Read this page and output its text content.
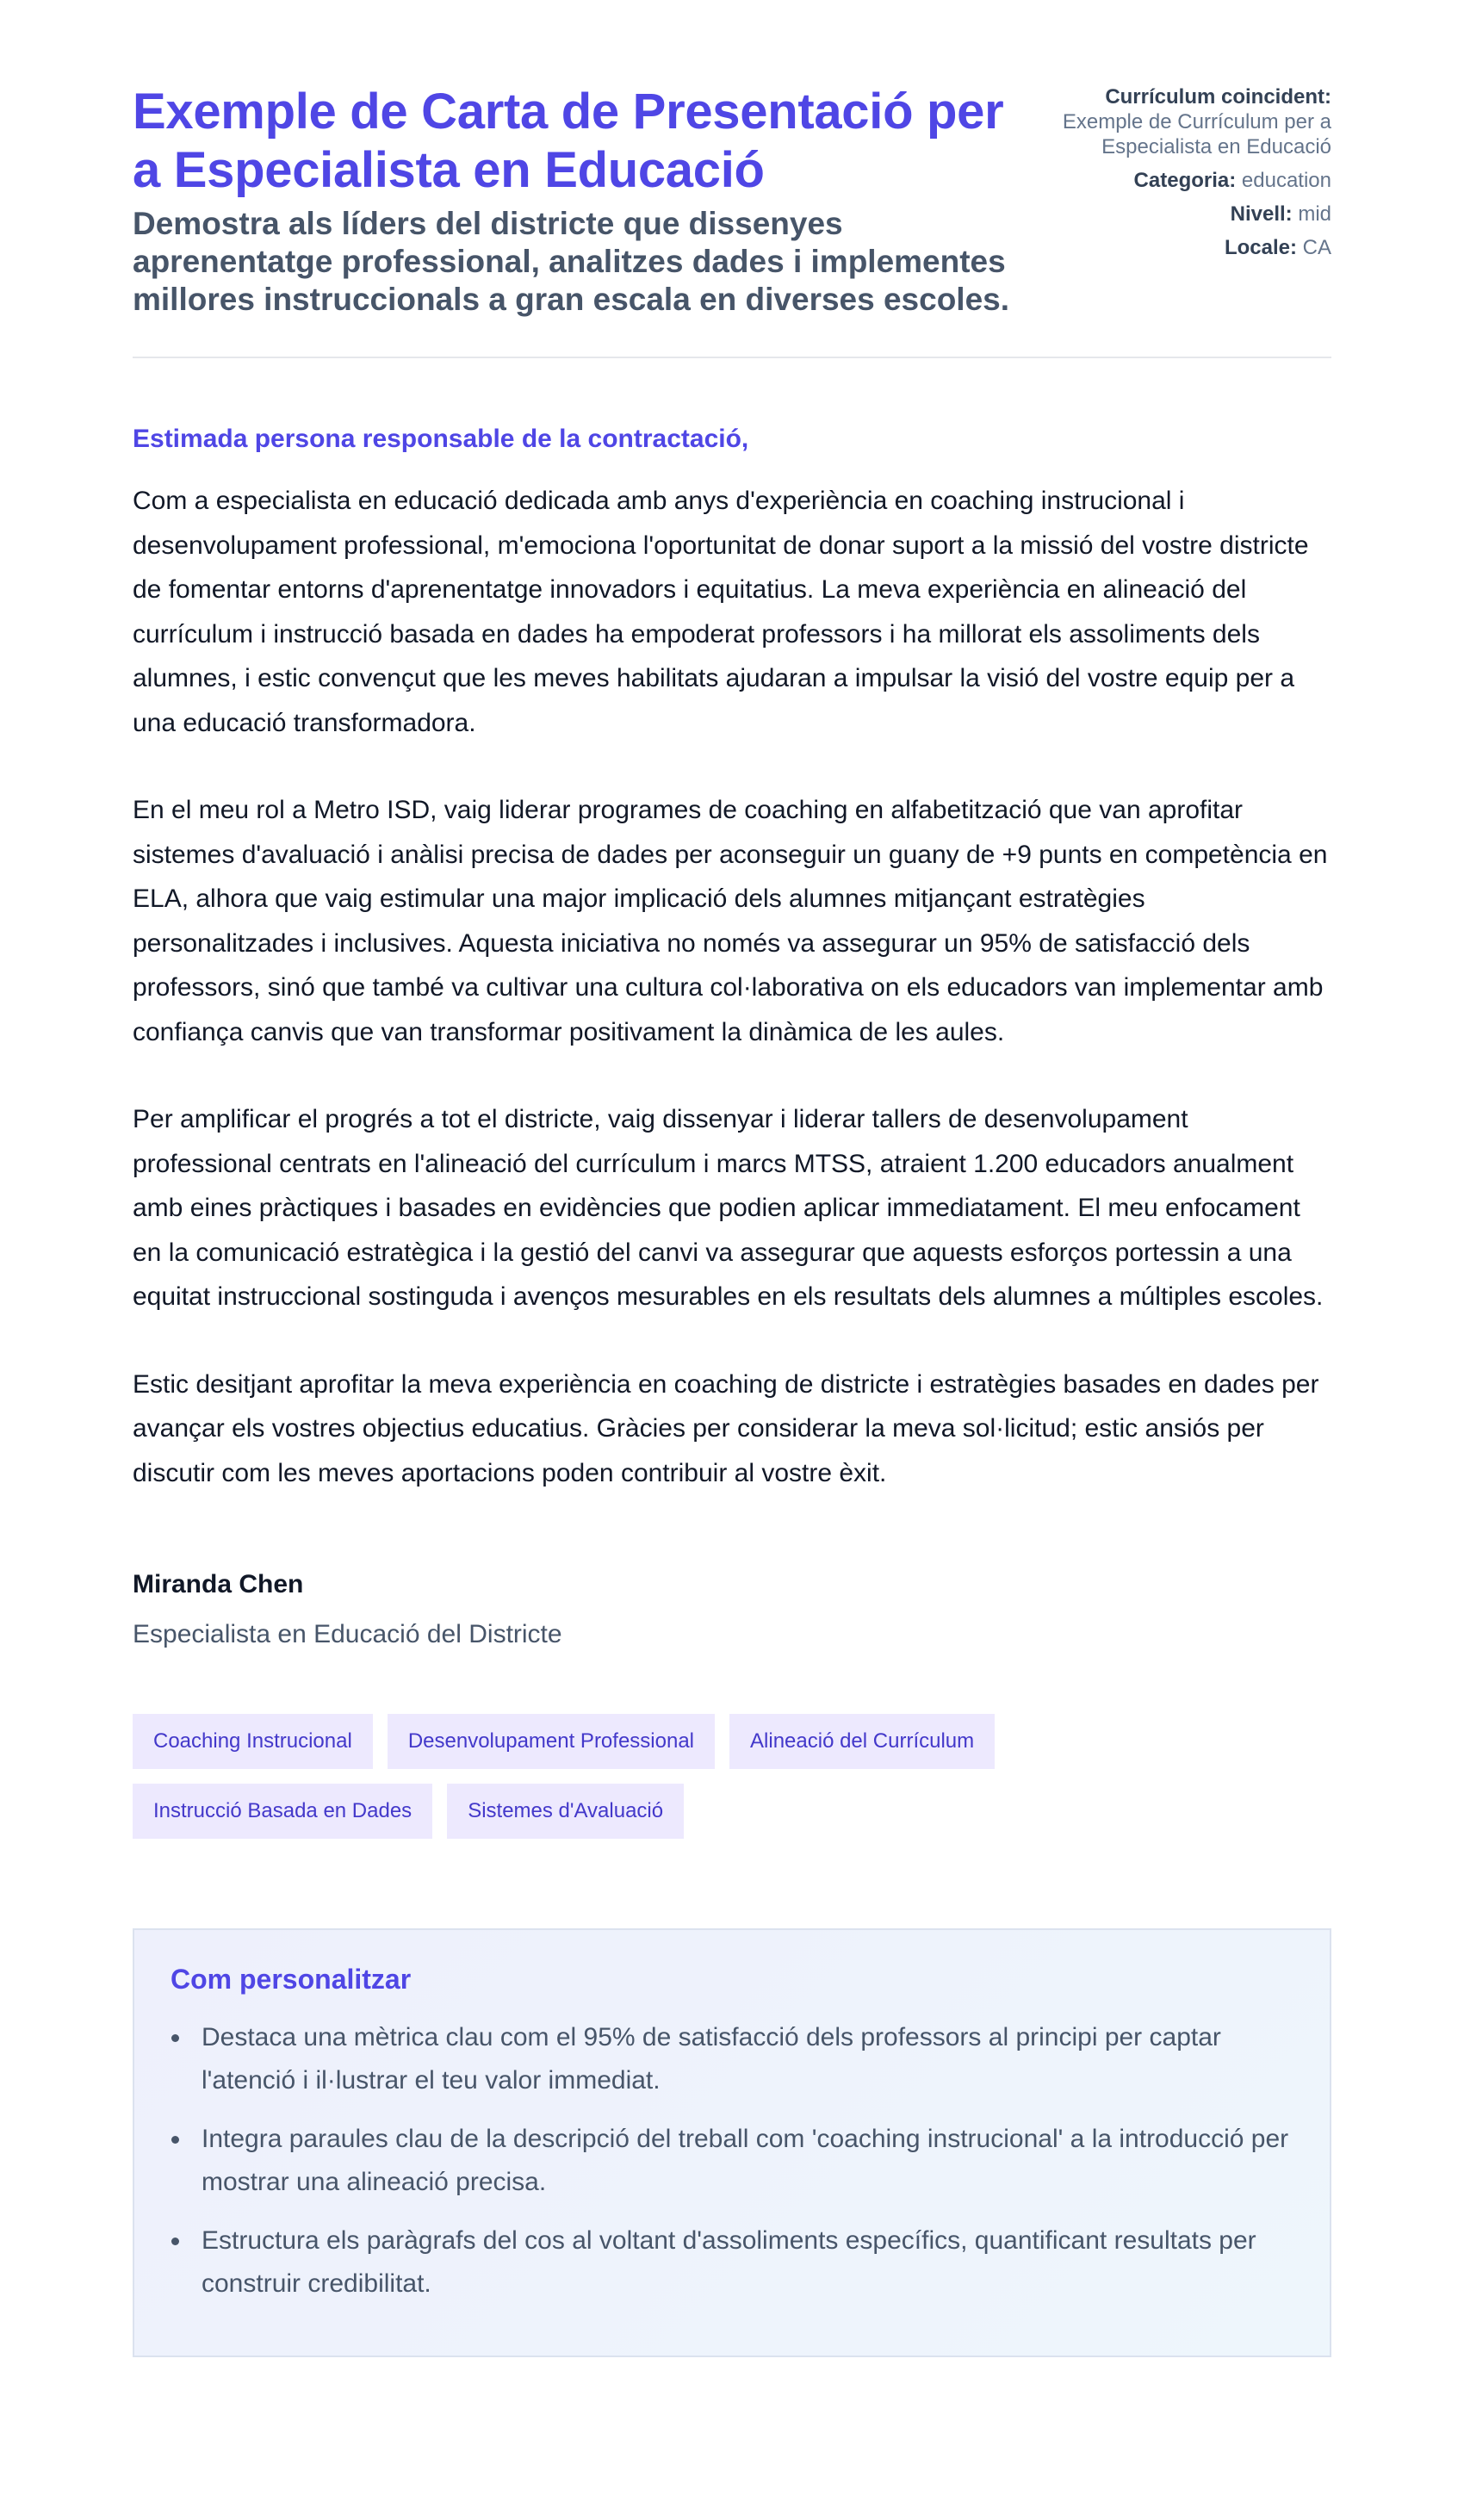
Exemple de Carta de Presentació per a Especialista en Educació

Demostra als líders del districte que dissenyes aprenentatge professional, analitzes dades i implementes millores instruccionals a gran escala en diverses escoles.

Currículum coincident:
Exemple de Currículum per a Especialista en Educació
Categoria: education
Nivell: mid
Locale: CA

Estimada persona responsable de la contractació,

Com a especialista en educació dedicada amb anys d'experiència en coaching instrucional i desenvolupament professional, m'emociona l'oportunitat de donar suport a la missió del vostre districte de fomentar entorns d'aprenentatge innovadors i equitatius. La meva experiència en alineació del currículum i instrucció basada en dades ha empoderat professors i ha millorat els assoliments dels alumnes, i estic convençut que les meves habilitats ajudaran a impulsar la visió del vostre equip per a una educació transformadora.

En el meu rol a Metro ISD, vaig liderar programes de coaching en alfabetització que van aprofitar sistemes d'avaluació i anàlisi precisa de dades per aconseguir un guany de +9 punts en competència en ELA, alhora que vaig estimular una major implicació dels alumnes mitjançant estratègies personalitzades i inclusives. Aquesta iniciativa no només va assegurar un 95% de satisfacció dels professors, sinó que també va cultivar una cultura col·laborativa on els educadors van implementar amb confiança canvis que van transformar positivament la dinàmica de les aules.

Per amplificar el progrés a tot el districte, vaig dissenyar i liderar tallers de desenvolupament professional centrats en l'alineació del currículum i marcs MTSS, atraient 1.200 educadors anualment amb eines pràctiques i basades en evidències que podien aplicar immediatament. El meu enfocament en la comunicació estratègica i la gestió del canvi va assegurar que aquests esforços portessin a una equitat instruccional sostinguda i avenços mesurables en els resultats dels alumnes a múltiples escoles.

Estic desitjant aprofitar la meva experiència en coaching de districte i estratègies basades en dades per avançar els vostres objectius educatius. Gràcies per considerar la meva sol·licitud; estic ansiós per discutir com les meves aportacions poden contribuir al vostre èxit.

Miranda Chen
Especialista en Educació del Districte
Coaching Instrucional	Desenvolupament Professional	Alineació del Currículum
Instrucció Basada en Dades	Sistemes d'Avaluació
Com personalitzar
Destaca una mètrica clau com el 95% de satisfacció dels professors al principi per captar l'atenció i il·lustrar el teu valor immediat.
Integra paraules clau de la descripció del treball com 'coaching instrucional' a la introducció per mostrar una alineació precisa.
Estructura els paràgrafs del cos al voltant d'assoliments específics, quantificant resultats per construir credibilitat.
